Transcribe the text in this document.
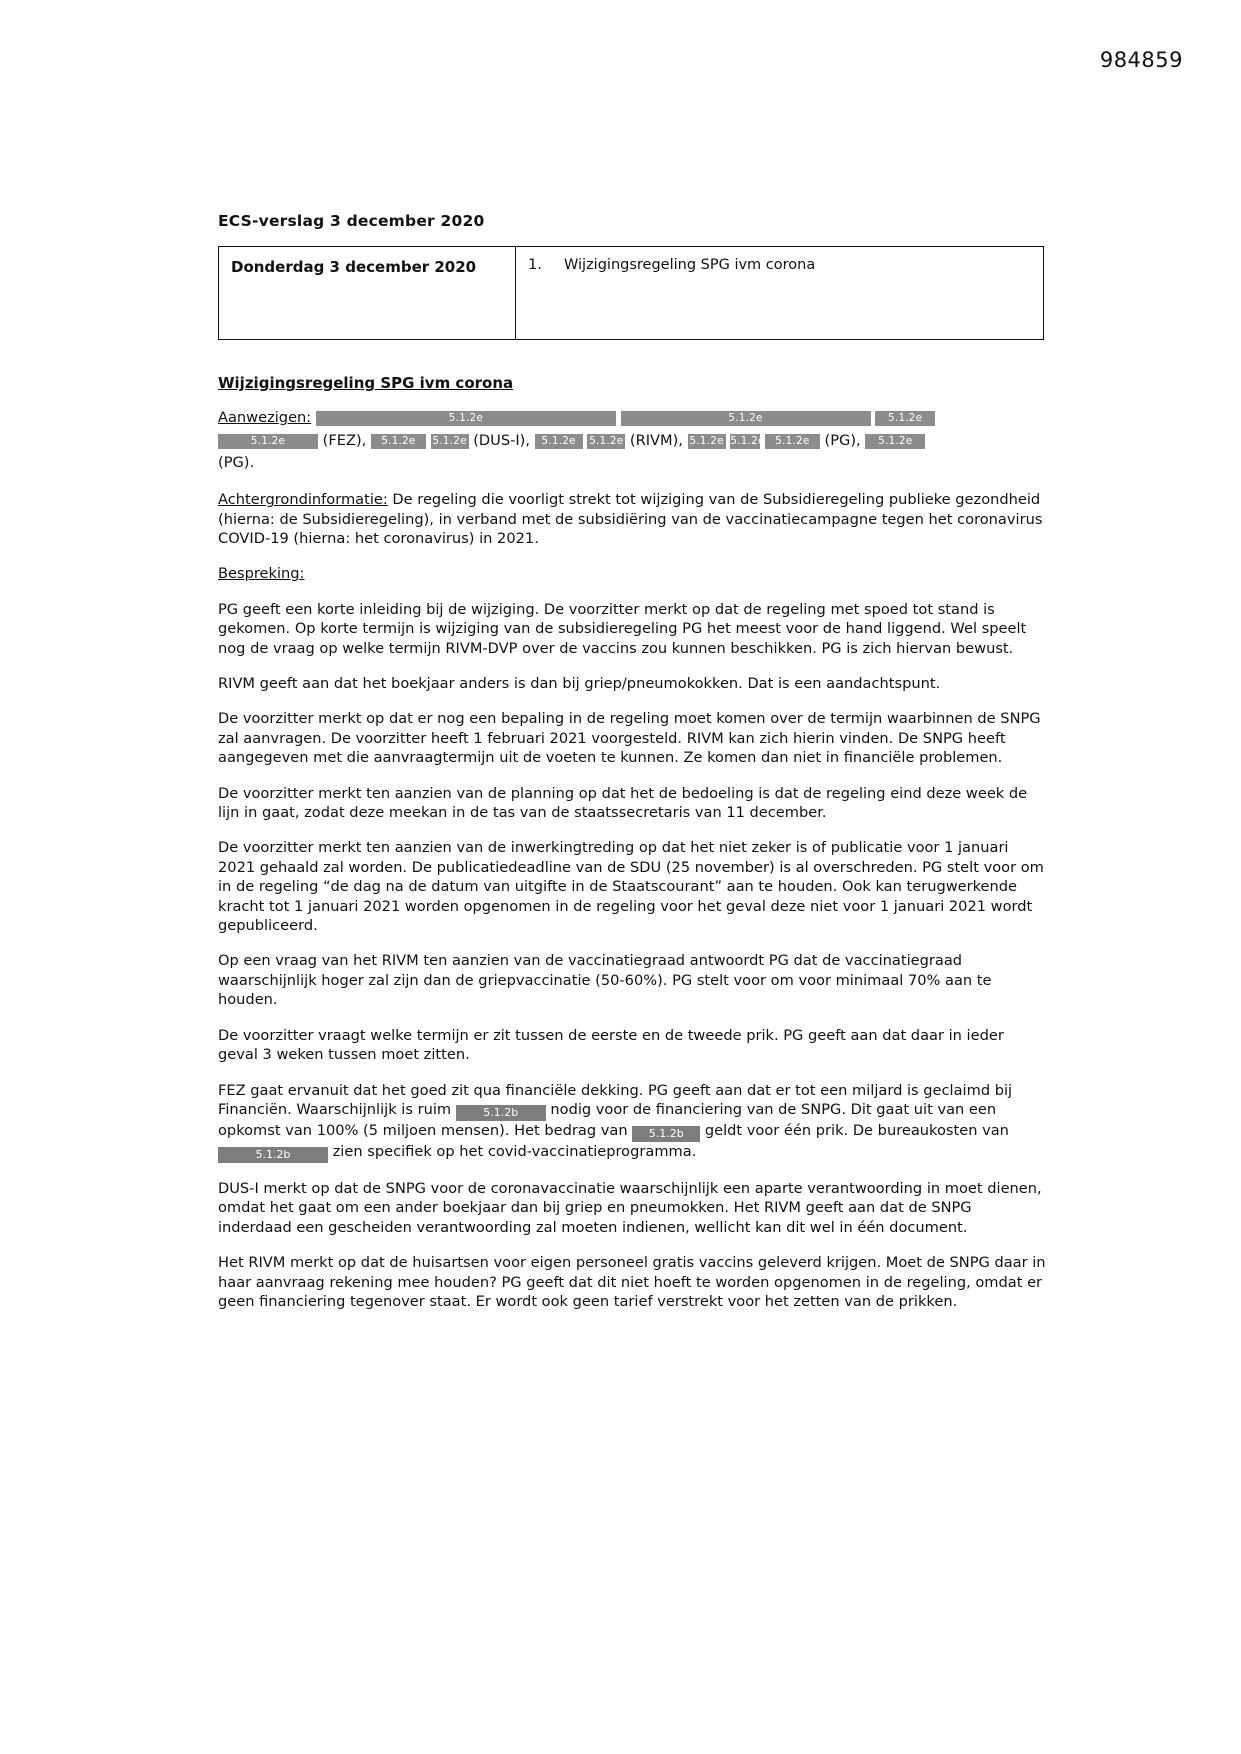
984859
ECS-verslag 3 december 2020
Donderdag 3 december 2020	1. Wijzigingsregeling SPG ivm corona
Wijzigingsregeling SPG ivm corona
Aanwezigen:	5.1.2e	5.1.2e	5.1.2e
5.1.2e	(FEZ), 5.1.2e 5.1.2e (DUS-I), 5.1.2e 5.1.2e (RIVM), 5.1.2e 5.1.2e 5.1.2e (PG), 5.1.2e
(PG).

Achtergrondinformatie: De regeling die voorligt strekt tot wijziging van de Subsidieregeling publieke gezondheid (hierna: de Subsidieregeling), in verband met de subsidiëring van de vaccinatiecampagne tegen het coronavirus COVID-19 (hierna: het coronavirus) in 2021.

Bespreking:

PG geeft een korte inleiding bij de wijziging. De voorzitter merkt op dat de regeling met spoed tot stand is gekomen. Op korte termijn is wijziging van de subsidieregeling PG het meest voor de hand liggend. Wel speelt nog de vraag op welke termijn RIVM-DVP over de vaccins zou kunnen beschikken. PG is zich hiervan bewust.

RIVM geeft aan dat het boekjaar anders is dan bij griep/pneumokokken. Dat is een aandachtspunt.

De voorzitter merkt op dat er nog een bepaling in de regeling moet komen over de termijn waarbinnen de SNPG zal aanvragen. De voorzitter heeft 1 februari 2021 voorgesteld. RIVM kan zich hierin vinden. De SNPG heeft aangegeven met die aanvraagtermijn uit de voeten te kunnen. Ze komen dan niet in financiële problemen.

De voorzitter merkt ten aanzien van de planning op dat het de bedoeling is dat de regeling eind deze week de lijn in gaat, zodat deze meekan in de tas van de staatssecretaris van 11 december.

De voorzitter merkt ten aanzien van de inwerkingtreding op dat het niet zeker is of publicatie voor 1 januari 2021 gehaald zal worden. De publicatiedeadline van de SDU (25 november) is al overschreden. PG stelt voor om in de regeling “de dag na de datum van uitgifte in de Staatscourant” aan te houden. Ook kan terugwerkende kracht tot 1 januari 2021 worden opgenomen in de regeling voor het geval deze niet voor 1 januari 2021 wordt gepubliceerd.

Op een vraag van het RIVM ten aanzien van de vaccinatiegraad antwoordt PG dat de vaccinatiegraad waarschijnlijk hoger zal zijn dan de griepvaccinatie (50-60%). PG stelt voor om voor minimaal 70% aan te houden.

De voorzitter vraagt welke termijn er zit tussen de eerste en de tweede prik. PG geeft aan dat daar in ieder geval 3 weken tussen moet zitten.

FEZ gaat ervanuit dat het goed zit qua financiële dekking. PG geeft aan dat er tot een miljard is geclaimd bij Financiën. Waarschijnlijk is ruim	5.1.2b nodig voor de financiering van de SNPG. Dit gaat uit van een opkomst van 100% (5 miljoen mensen). Het bedrag van 5.1.2b geldt voor één prik. De bureaukosten van 5.1.2b	zien specifiek op het covid-vaccinatieprogramma.

DUS-I merkt op dat de SNPG voor de coronavaccinatie waarschijnlijk een aparte verantwoording in moet dienen, omdat het gaat om een ander boekjaar dan bij griep en pneumokken. Het RIVM geeft aan dat de SNPG inderdaad een gescheiden verantwoording zal moeten indienen, wellicht kan dit wel in één document.

Het RIVM merkt op dat de huisartsen voor eigen personeel gratis vaccins geleverd krijgen. Moet de SNPG daar in haar aanvraag rekening mee houden? PG geeft dat dit niet hoeft te worden opgenomen in de regeling, omdat er geen financiering tegenover staat. Er wordt ook geen tarief verstrekt voor het zetten van de prikken.
